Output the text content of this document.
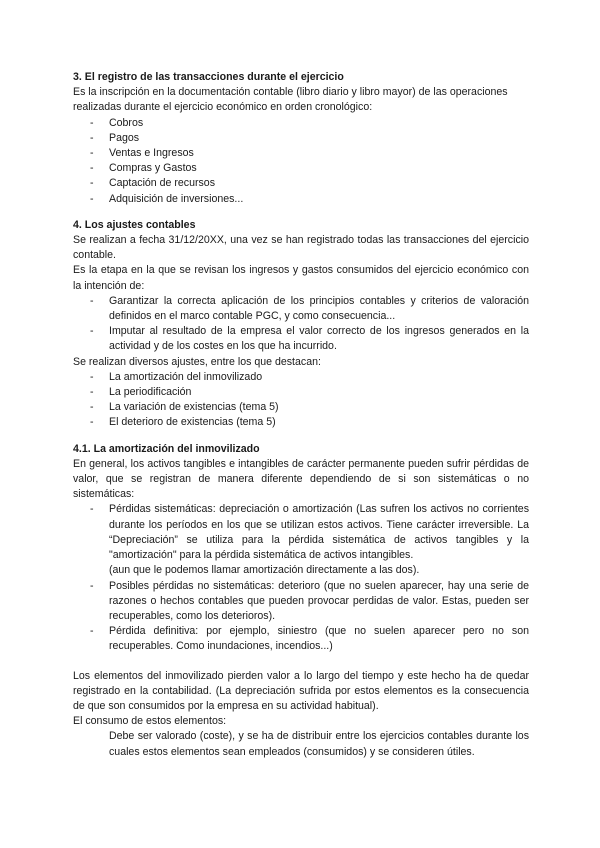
3. El registro de las transacciones durante el ejercicio

Es la inscripción en la documentación contable (libro diario y libro mayor) de las operaciones realizadas durante el ejercicio económico en orden cronológico:

- Cobros
- Pagos
- Ventas e Ingresos
- Compras y Gastos
- Captación de recursos
- Adquisición de inversiones...

4. Los ajustes contables

Se realizan a fecha 31/12/20XX, una vez se han registrado todas las transacciones del ejercicio contable.

Es la etapa en la que se revisan los ingresos y gastos consumidos del ejercicio económico con la intención de:

- Garantizar la correcta aplicación de los principios contables y criterios de valoración definidos en el marco contable PGC, y como consecuencia...
- Imputar al resultado de la empresa el valor correcto de los ingresos generados en la actividad y de los costes en los que ha incurrido.

Se realizan diversos ajustes, entre los que destacan:

- La amortización del inmovilizado
- La periodificación
- La variación de existencias (tema 5)
- El deterioro de existencias (tema 5)

4.1. La amortización del inmovilizado

En general, los activos tangibles e intangibles de carácter permanente pueden sufrir pérdidas de valor, que se registran de manera diferente dependiendo de si son sistemáticas o no sistemáticas:

- Pérdidas sistemáticas: depreciación o amortización (Las sufren los activos no corrientes durante los períodos en los que se utilizan estos activos. Tiene carácter irreversible. La “Depreciación” se utiliza para la pérdida sistemática de activos tangibles y la "amortización" para la pérdida sistemática de activos intangibles.
(aun que le podemos llamar amortización directamente a las dos).
- Posibles pérdidas no sistemáticas: deterioro (que no suelen aparecer, hay una serie de razones o hechos contables que pueden provocar perdidas de valor. Estas, pueden ser recuperables, como los deterioros).
- Pérdida definitiva: por ejemplo, siniestro (que no suelen aparecer pero no son recuperables. Como inundaciones, incendios...)

Los elementos del inmovilizado pierden valor a lo largo del tiempo y este hecho ha de quedar registrado en la contabilidad. (La depreciación sufrida por estos elementos es la consecuencia de que son consumidos por la empresa en su actividad habitual).

El consumo de estos elementos:

Debe ser valorado (coste), y se ha de distribuir entre los ejercicios contables durante los cuales estos elementos sean empleados (consumidos) y se consideren útiles.
